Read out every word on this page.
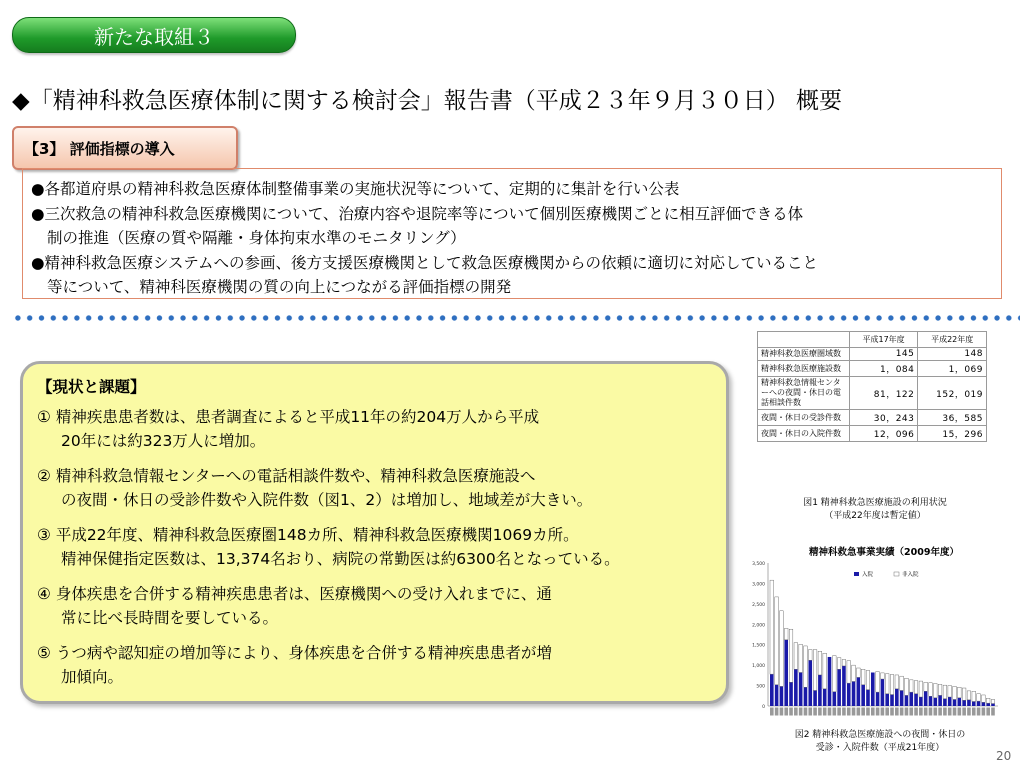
新たな取組３
◆「精神科救急医療体制に関する検討会」報告書（平成２３年９月３０日） 概要
【3】 評価指標の導入
●各都道府県の精神科救急医療体制整備事業の実施状況等について、定期的に集計を行い公表
●三次救急の精神科救急医療機関について、治療内容や退院率等について個別医療機関ごとに相互評価できる体
制の推進（医療の質や隔離・身体拘束水準のモニタリング）
●精神科救急医療システムへの参画、後方支援医療機関として救急医療機関からの依頼に適切に対応していること
等について、精神科医療機関の質の向上につながる評価指標の開発
【現状と課題】
① 精神疾患患者数は、患者調査によると平成11年の約204万人から平成
20年には約323万人に増加。
② 精神科救急情報センターへの電話相談件数や、精神科救急医療施設へ
の夜間・休日の受診件数や入院件数（図1、2）は増加し、地域差が大きい。
③ 平成22年度、精神科救急医療圏148カ所、精神科救急医療機関1069カ所。
精神保健指定医数は、13,374名おり、病院の常勤医は約6300名となっている。
④ 身体疾患を合併する精神疾患患者は、医療機関への受け入れまでに、通
常に比べ長時間を要している。
⑤ うつ病や認知症の増加等により、身体疾患を合併する精神疾患患者が増
加傾向。
	平成17年度	平成22年度
精神科救急医療圏域数	145	148
精神科救急医療施設数	1，084	1，069
精神科救急情報センターへの夜間・休日の電話相談件数	81，122	152，019
夜間・休日の受診件数	30，243	36，585
夜間・休日の入院件数	12，096	15，296
図1 精神科救急医療施設の利用状況
（平成22年度は暫定値）
精神科救急事業実績（2009年度）
0
500
1,000
1,500
2,000
2,500
3,000
3,500
入院	非入院
図2 精神科救急医療施設への夜間・休日の
受診・入院件数（平成21年度）
20
